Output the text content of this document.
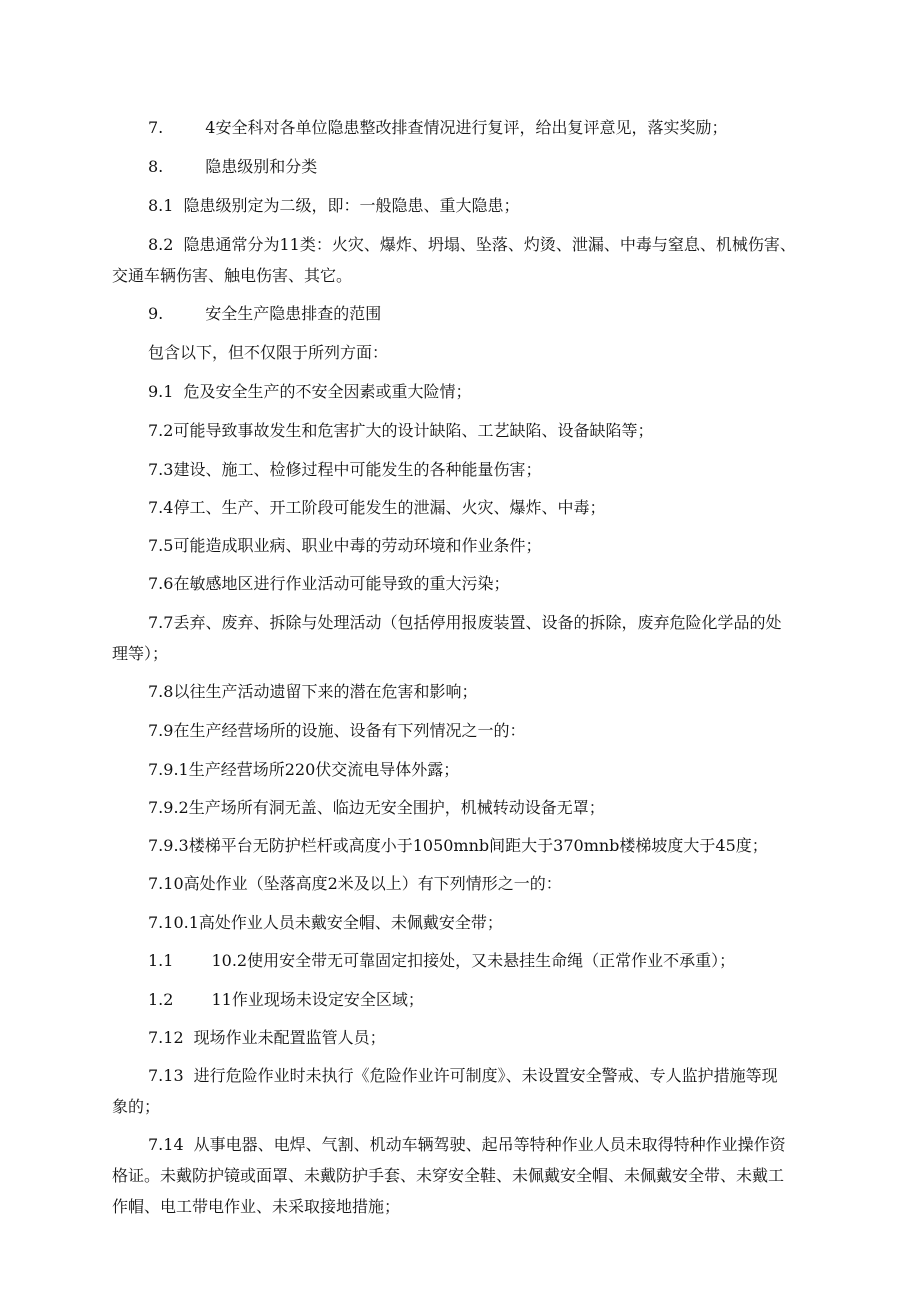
7.	4安全科对各单位隐患整改排查情况进行复评，给出复评意见，落实奖励；
8.	隐患级别和分类
8.1 隐患级别定为二级，即：一般隐患、重大隐患；
8.2 隐患通常分为11类：火灾、爆炸、坍塌、坠落、灼烫、泄漏、中毒与窒息、机械伤害、
交通车辆伤害、触电伤害、其它。
9.	安全生产隐患排查的范围
包含以下，但不仅限于所列方面：
9.1 危及安全生产的不安全因素或重大险情；
7.2可能导致事故发生和危害扩大的设计缺陷、工艺缺陷、设备缺陷等；
7.3建设、施工、检修过程中可能发生的各种能量伤害；
7.4停工、生产、开工阶段可能发生的泄漏、火灾、爆炸、中毒；
7.5可能造成职业病、职业中毒的劳动环境和作业条件；
7.6在敏感地区进行作业活动可能导致的重大污染；
7.7丢弃、废弃、拆除与处理活动（包括停用报废装置、设备的拆除，废弃危险化学品的处
理等）；
7.8以往生产活动遗留下来的潜在危害和影响；
7.9在生产经营场所的设施、设备有下列情况之一的：
7.9.1生产经营场所220伏交流电导体外露；
7.9.2生产场所有洞无盖、临边无安全围护，机械转动设备无罩；
7.9.3楼梯平台无防护栏杆或高度小于1050mnb间距大于370mnb楼梯坡度大于45度；
7.10高处作业（坠落高度2米及以上）有下列情形之一的：
7.10.1高处作业人员未戴安全帽、未佩戴安全带；
1.1 10.2使用安全带无可靠固定扣接处，又未悬挂生命绳（正常作业不承重）；
1.2 11作业现场未设定安全区域；
7.12 现场作业未配置监管人员；
7.13 进行危险作业时未执行《危险作业许可制度》、未设置安全警戒、专人监护措施等现
象的；
7.14 从事电器、电焊、气割、机动车辆驾驶、起吊等特种作业人员未取得特种作业操作资
格证。未戴防护镜或面罩、未戴防护手套、未穿安全鞋、未佩戴安全帽、未佩戴安全带、未戴工
作帽、电工带电作业、未采取接地措施；
